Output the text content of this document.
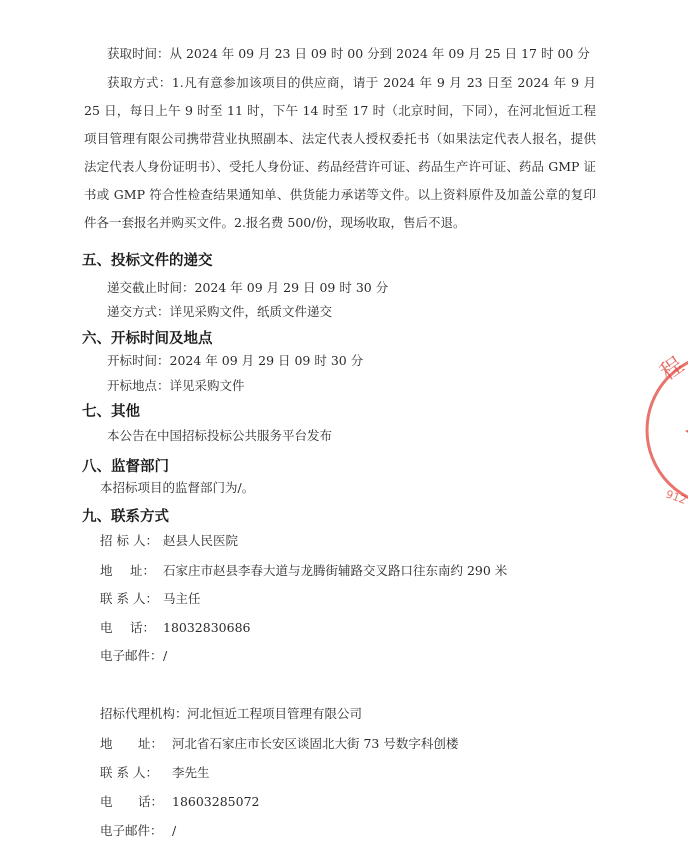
获取时间：从 2024 年 09 月 23 日 09 时 00 分到 2024 年 09 月 25 日 17 时 00 分
获取方式：1.凡有意参加该项目的供应商，请于 2024 年 9 月 23 日至 2024 年 9 月 25 日，每日上午 9 时至 11 时，下午 14 时至 17 时（北京时间，下同），在河北恒近工程项目管理有限公司携带营业执照副本、法定代表人授权委托书（如果法定代表人报名，提供法定代表人身份证明书）、受托人身份证、药品经营许可证、药品生产许可证、药品 GMP 证书或 GMP 符合性检查结果通知单、供货能力承诺等文件。以上资料原件及加盖公章的复印件各一套报名并购买文件。2.报名费 500/份，现场收取，售后不退。
五、投标文件的递交
递交截止时间：2024 年 09 月 29 日 09 时 30 分
递交方式：详见采购文件，纸质文件递交
六、开标时间及地点
开标时间：2024 年 09 月 29 日 09 时 30 分
开标地点：详见采购文件
七、其他
本公告在中国招标投标公共服务平台发布
八、监督部门
本招标项目的监督部门为/。
九、联系方式
招 标 人： 赵县人民医院
地 址： 石家庄市赵县李春大道与龙腾街辅路交叉路口往东南约 290 米
联 系 人： 马主任
电 话： 18032830686
电子邮件：/
招标代理机构：河北恒近工程项目管理有限公司
地 址： 河北省石家庄市长安区谈固北大街 73 号数字科创楼
联 系 人： 李先生
电 话： 18603285072
电子邮件： /
程
912
